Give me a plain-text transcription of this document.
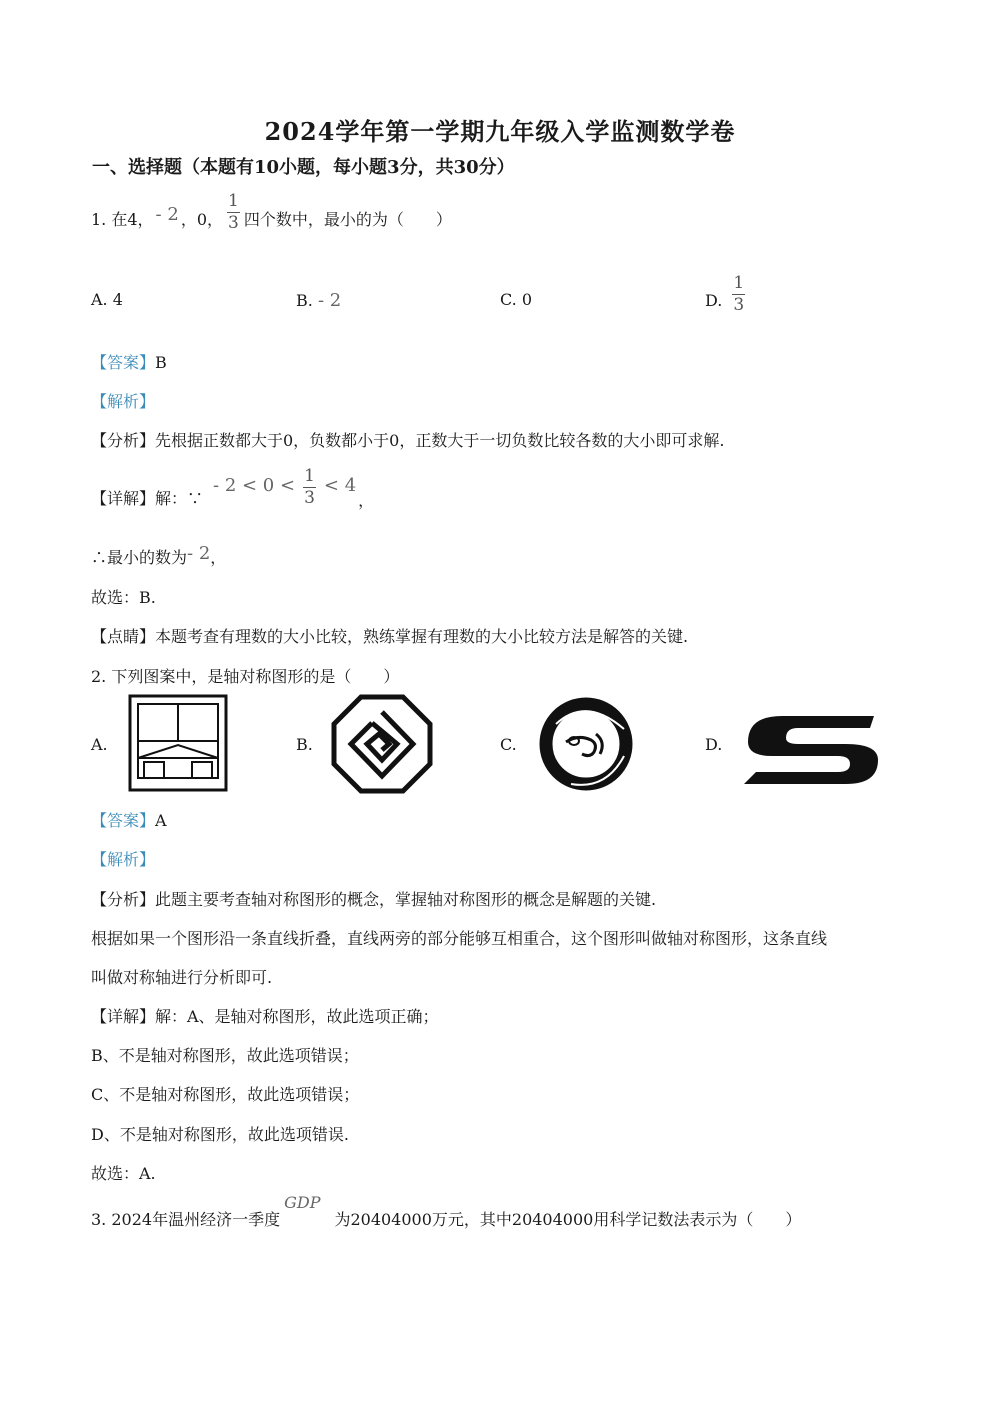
2024学年第一学期九年级入学监测数学卷
一、选择题（本题有10小题，每小题3分，共30分）
1. 在4， - 2 ，0， $\frac{1}{3}$ 四个数中，最小的为（　　）
A. 4	B. - 2	C. 0	D. $\frac{1}{3}$
【答案】B
【解析】
【分析】先根据正数都大于0，负数都小于0，正数大于一切负数比较各数的大小即可求解.
【详解】解：∵
- $2 < 0 < \frac{1}{3} < 4$
，
∴最小的数为- 2，
故选：B.
【点睛】本题考查有理数的大小比较，熟练掌握有理数的大小比较方法是解答的关键.
2. 下列图案中，是轴对称图形的是（　　）
A.	B.	C.	D.
【答案】A
【解析】
【分析】此题主要考查轴对称图形的概念，掌握轴对称图形的概念是解题的关键.
根据如果一个图形沿一条直线折叠，直线两旁的部分能够互相重合，这个图形叫做轴对称图形，这条直线
叫做对称轴进行分析即可.
【详解】解：A、是轴对称图形，故此选项正确；
B、不是轴对称图形，故此选项错误；
C、不是轴对称图形，故此选项错误；
D、不是轴对称图形，故此选项错误.
故选：A.
3. 2024年温州经济一季度
GDP
为20404000万元，其中20404000用科学记数法表示为（　　）
